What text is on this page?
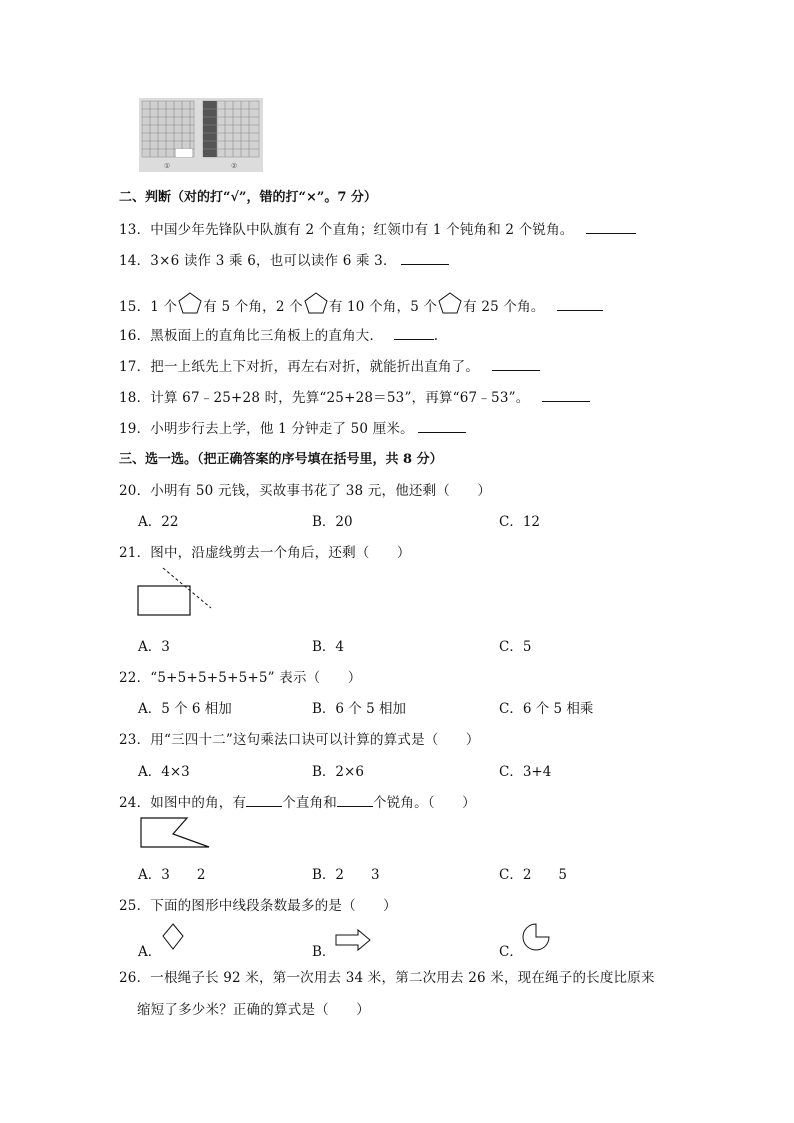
①	②
二、判断（对的打“√”，错的打“×”。7 分）
13．中国少年先锋队中队旗有 2 个直角；红领巾有 1 个钝角和 2 个锐角。
14．3×6 读作 3 乘 6，也可以读作 6 乘 3．
15．1 个 有 5 个角，2 个 有 10 个角，5 个 有 25 个角。
16．黑板面上的直角比三角板上的直角大．	.
17．把一上纸先上下对折，再左右对折，就能折出直角了。
18．计算 67﹣25+28 时，先算“25+28＝53”，再算“67﹣53”。
19．小明步行去上学，他 1 分钟走了 50 厘米。
三、选一选。（把正确答案的序号填在括号里，共 8 分）
20．小明有 50 元钱，买故事书花了 38 元，他还剩（　　）
A．22	B．20	C．12
21．图中，沿虚线剪去一个角后，还剩（　　）
A．3	B．4	C．5
22．“5+5+5+5+5+5” 表示（　　）
A．5 个 6 相加	B．6 个 5 相加	C．6 个 5 相乘
23．用“三四十二”这句乘法口诀可以计算的算式是（　　）
A．4×3	B．2×6	C．3+4
24．如图中的角，有	个直角和	个锐角。（　　）
A．3　　2	B．2　　3	C．2　　5
25．下面的图形中线段条数最多的是（　　）
A．	B．	C．
26．一根绳子长 92 米，第一次用去 34 米，第二次用去 26 米，现在绳子的长度比原来
缩短了多少米？正确的算式是（　　）
